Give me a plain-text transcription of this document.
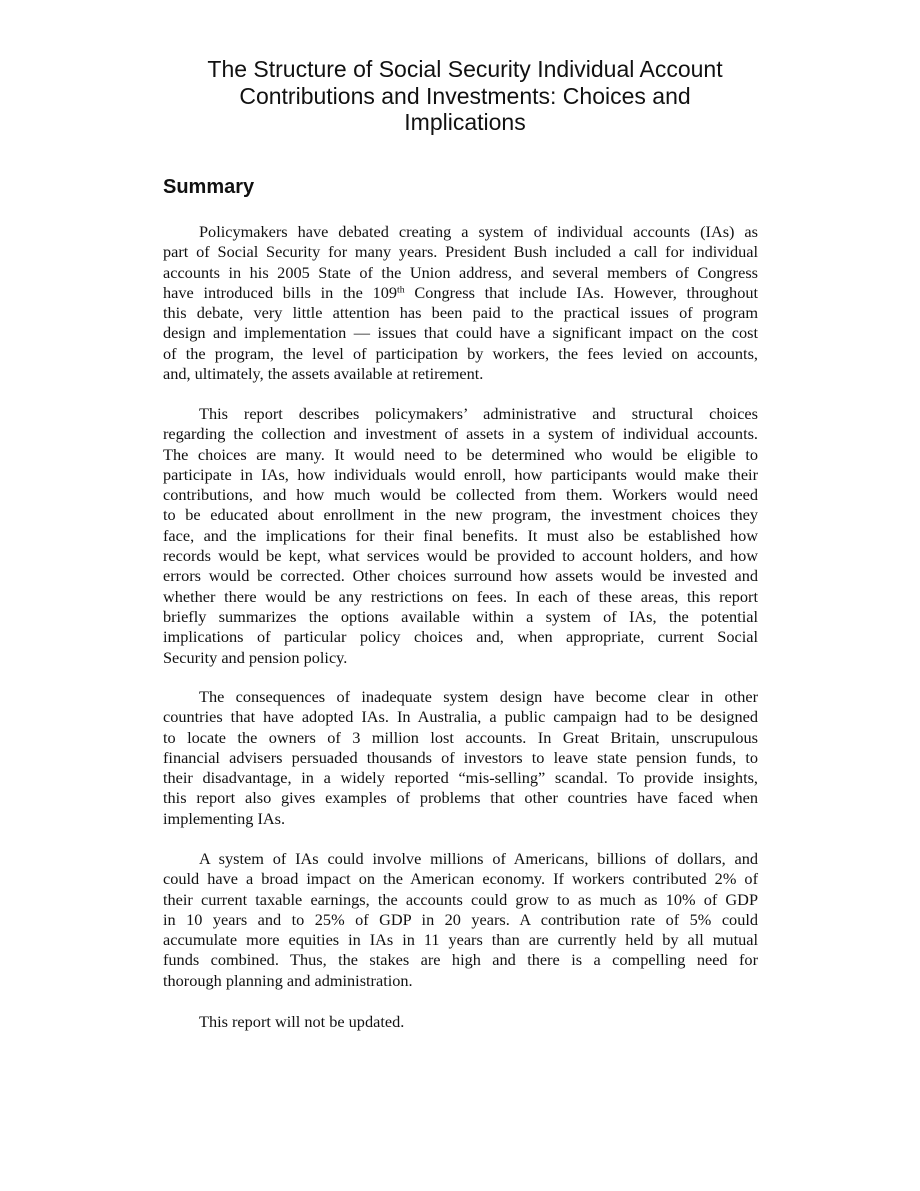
The Structure of Social Security Individual Account
Contributions and Investments: Choices and
Implications
Summary

Policymakers have debated creating a system of individual accounts (IAs) as
part of Social Security for many years. President Bush included a call for individual
accounts in his 2005 State of the Union address, and several members of Congress
have introduced bills in the 109th Congress that include IAs. However, throughout
this debate, very little attention has been paid to the practical issues of program
design and implementation — issues that could have a significant impact on the cost
of the program, the level of participation by workers, the fees levied on accounts,
and, ultimately, the assets available at retirement.

This report describes policymakers’ administrative and structural choices
regarding the collection and investment of assets in a system of individual accounts.
The choices are many. It would need to be determined who would be eligible to
participate in IAs, how individuals would enroll, how participants would make their
contributions, and how much would be collected from them. Workers would need
to be educated about enrollment in the new program, the investment choices they
face, and the implications for their final benefits. It must also be established how
records would be kept, what services would be provided to account holders, and how
errors would be corrected. Other choices surround how assets would be invested and
whether there would be any restrictions on fees. In each of these areas, this report
briefly summarizes the options available within a system of IAs, the potential
implications of particular policy choices and, when appropriate, current Social
Security and pension policy.

The consequences of inadequate system design have become clear in other
countries that have adopted IAs. In Australia, a public campaign had to be designed
to locate the owners of 3 million lost accounts. In Great Britain, unscrupulous
financial advisers persuaded thousands of investors to leave state pension funds, to
their disadvantage, in a widely reported “mis-selling” scandal. To provide insights,
this report also gives examples of problems that other countries have faced when
implementing IAs.

A system of IAs could involve millions of Americans, billions of dollars, and
could have a broad impact on the American economy. If workers contributed 2% of
their current taxable earnings, the accounts could grow to as much as 10% of GDP
in 10 years and to 25% of GDP in 20 years. A contribution rate of 5% could
accumulate more equities in IAs in 11 years than are currently held by all mutual
funds combined. Thus, the stakes are high and there is a compelling need for
thorough planning and administration.

This report will not be updated.
